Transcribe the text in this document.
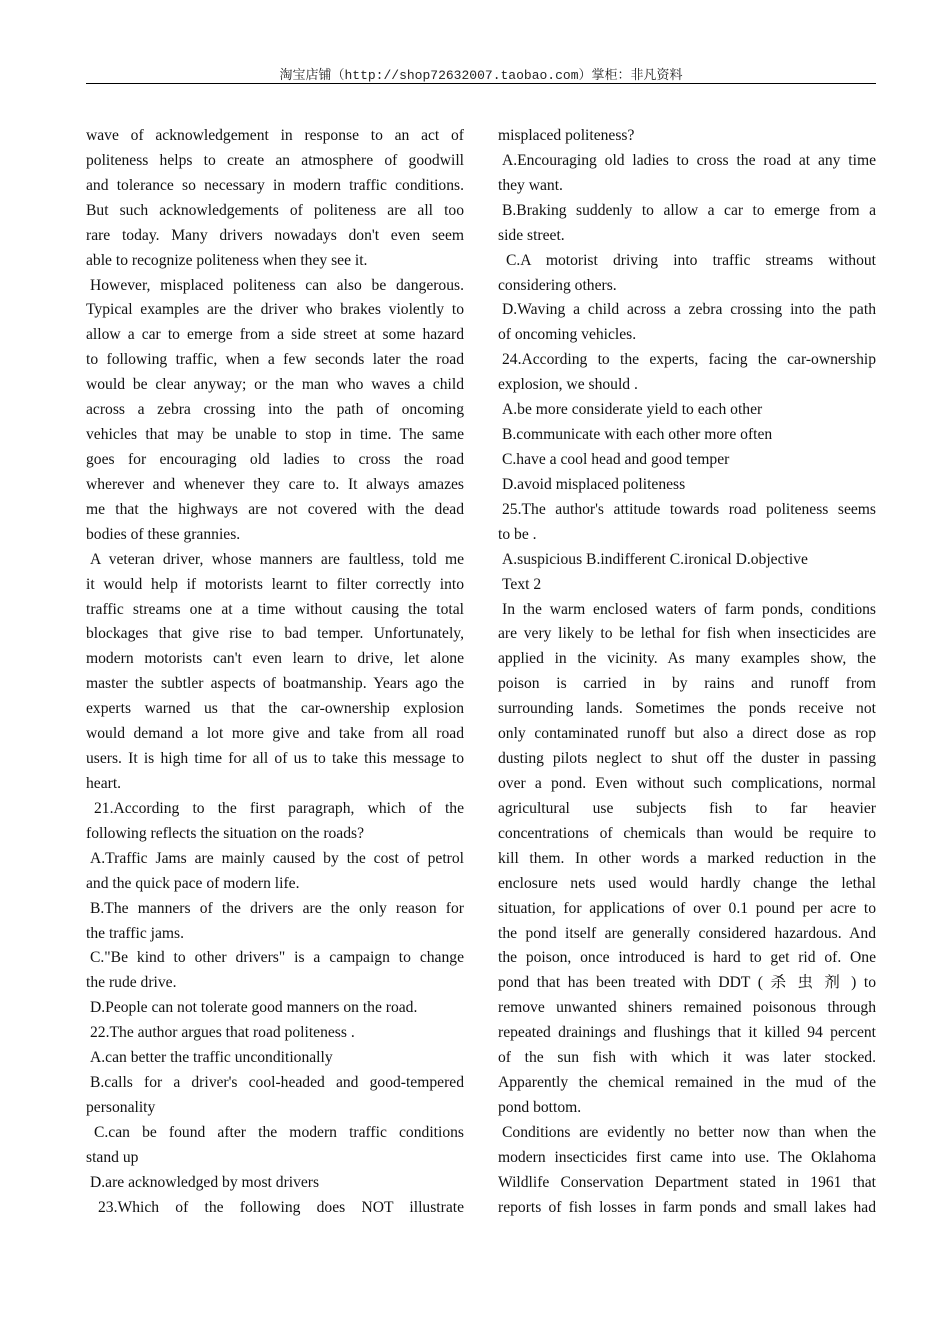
淘宝店铺（http://shop72632007.taobao.com）掌柜：非凡资料
wave of acknowledgement in response to an act of
politeness helps to create an atmosphere of goodwill
and tolerance so necessary in modern traffic conditions.
But such acknowledgements of politeness are all too
rare today. Many drivers nowadays don't even seem
able to recognize politeness when they see it.
However, misplaced politeness can also be dangerous.
Typical examples are the driver who brakes violently to
allow a car to emerge from a side street at some hazard
to following traffic, when a few seconds later the road
would be clear anyway; or the man who waves a child
across a zebra crossing into the path of oncoming
vehicles that may be unable to stop in time. The same
goes for encouraging old ladies to cross the road
wherever and whenever they care to. It always amazes
me that the highways are not covered with the dead
bodies of these grannies.
A veteran driver, whose manners are faultless, told me
it would help if motorists learnt to filter correctly into
traffic streams one at a time without causing the total
blockages that give rise to bad temper. Unfortunately,
modern motorists can't even learn to drive, let alone
master the subtler aspects of boatmanship. Years ago the
experts warned us that the car-ownership explosion
would demand a lot more give and take from all road
users. It is high time for all of us to take this message to
heart.
21.According to the first paragraph, which of the
following reflects the situation on the roads?
A.Traffic Jams are mainly caused by the cost of petrol
and the quick pace of modern life.
B.The manners of the drivers are the only reason for
the traffic jams.
C."Be kind to other drivers" is a campaign to change
the rude drive.
D.People can not tolerate good manners on the road.
22.The author argues that road politeness .
A.can better the traffic unconditionally
B.calls for a driver's cool-headed and good-tempered
personality
C.can be found after the modern traffic conditions
stand up
D.are acknowledged by most drivers
23.Which of the following does NOT illustrate
misplaced politeness?
A.Encouraging old ladies to cross the road at any time
they want.
B.Braking suddenly to allow a car to emerge from a
side street.
C.A motorist driving into traffic streams without
considering others.
D.Waving a child across a zebra crossing into the path
of oncoming vehicles.
24.According to the experts, facing the car-ownership
explosion, we should .
A.be more considerate yield to each other
B.communicate with each other more often
C.have a cool head and good temper
D.avoid misplaced politeness
25.The author's attitude towards road politeness seems
to be .
A.suspicious B.indifferent C.ironical D.objective
Text 2
In the warm enclosed waters of farm ponds, conditions
are very likely to be lethal for fish when insecticides are
applied in the vicinity. As many examples show, the
poison is carried in by rains and runoff from
surrounding lands. Sometimes the ponds receive not
only contaminated runoff but also a direct dose as rop
dusting pilots neglect to shut off the duster in passing
over a pond. Even without such complications, normal
agricultural use subjects fish to far heavier
concentrations of chemicals than would be require to
kill them. In other words a marked reduction in the
enclosure nets used would hardly change the lethal
situation, for applications of over 0.1 pound per acre to
the pond itself are generally considered hazardous. And
the poison, once introduced is hard to get rid of. One
pond that has been treated with DDT ( 杀 虫 剂 ) to
remove unwanted shiners remained poisonous through
repeated drainings and flushings that it killed 94 percent
of the sun fish with which it was later stocked.
Apparently the chemical remained in the mud of the
pond bottom.
Conditions are evidently no better now than when the
modern insecticides first came into use. The Oklahoma
Wildlife Conservation Department stated in 1961 that
reports of fish losses in farm ponds and small lakes had
